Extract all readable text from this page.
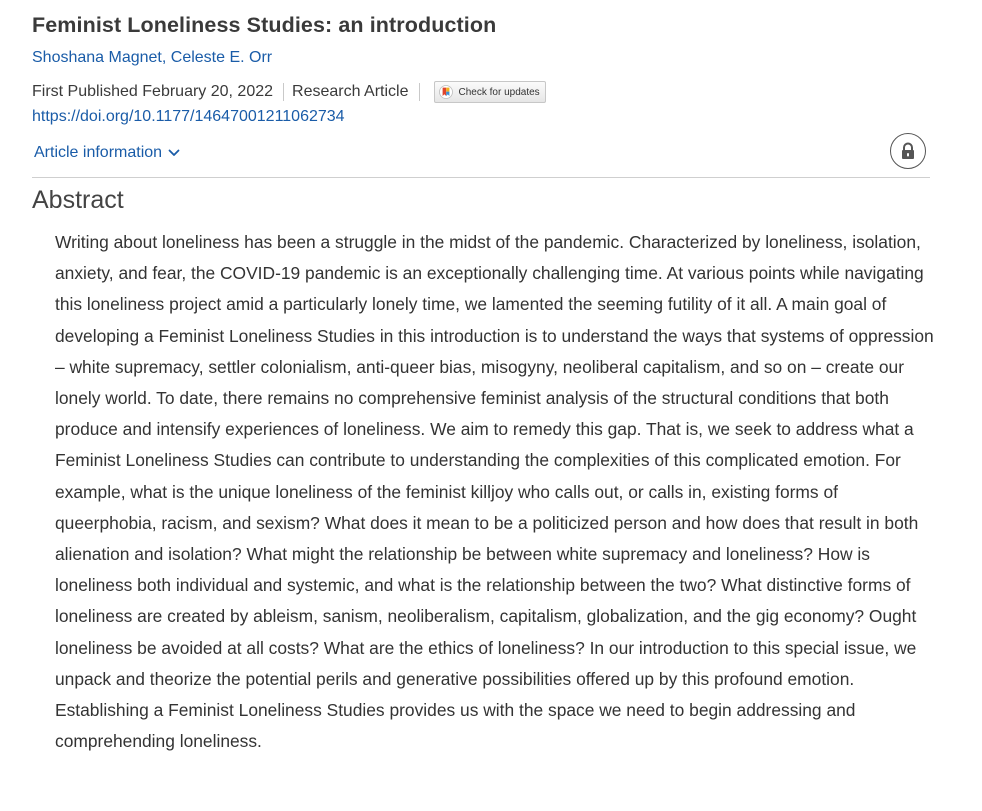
Feminist Loneliness Studies: an introduction
Shoshana Magnet, Celeste E. Orr
First Published February 20, 2022 Research Article	Check for updates
https://doi.org/10.1177/14647001211062734
Article information
Abstract

Writing about loneliness has been a struggle in the midst of the pandemic. Characterized by loneliness, isolation, anxiety, and fear, the COVID-19 pandemic is an exceptionally challenging time. At various points while navigating this loneliness project amid a particularly lonely time, we lamented the seeming futility of it all. A main goal of developing a Feminist Loneliness Studies in this introduction is to understand the ways that systems of oppression – white supremacy, settler colonialism, anti-queer bias, misogyny, neoliberal capitalism, and so on – create our lonely world. To date, there remains no comprehensive feminist analysis of the structural conditions that both produce and intensify experiences of loneliness. We aim to remedy this gap. That is, we seek to address what a Feminist Loneliness Studies can contribute to understanding the complexities of this complicated emotion. For example, what is the unique loneliness of the feminist killjoy who calls out, or calls in, existing forms of queerphobia, racism, and sexism? What does it mean to be a politicized person and how does that result in both alienation and isolation? What might the relationship be between white supremacy and loneliness? How is loneliness both individual and systemic, and what is the relationship between the two? What distinctive forms of loneliness are created by ableism, sanism, neoliberalism, capitalism, globalization, and the gig economy? Ought loneliness be avoided at all costs? What are the ethics of loneliness? In our introduction to this special issue, we unpack and theorize the potential perils and generative possibilities offered up by this profound emotion. Establishing a Feminist Loneliness Studies provides us with the space we need to begin addressing and comprehending loneliness.
